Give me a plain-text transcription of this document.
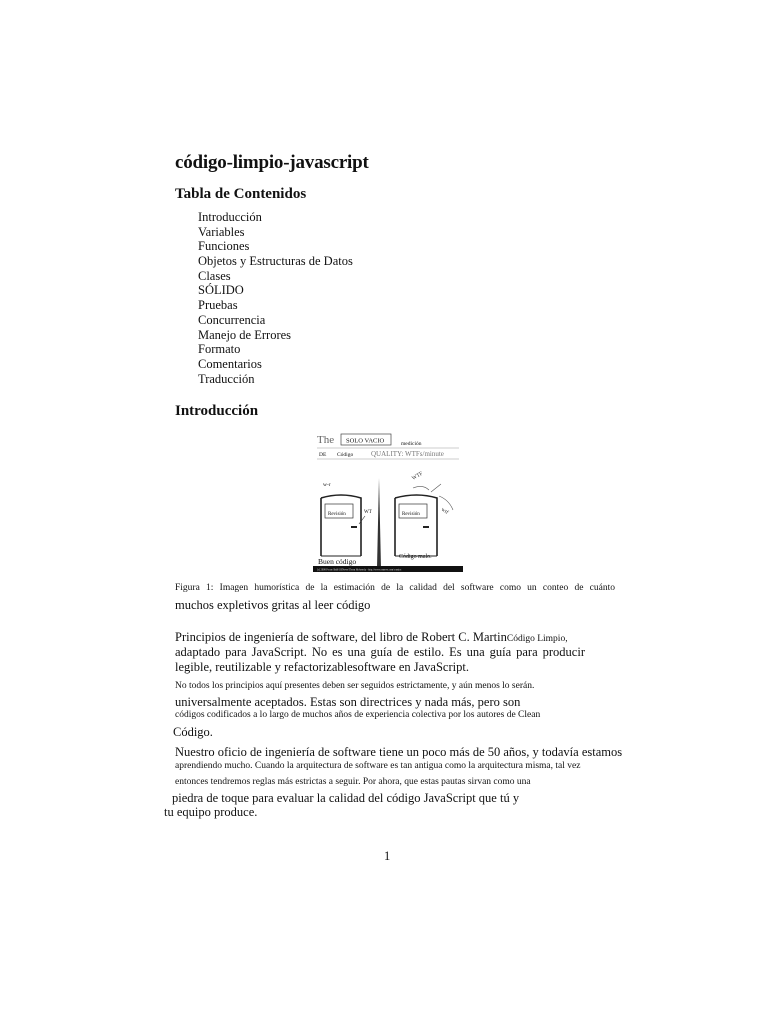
código-limpio-javascript
Tabla de Contenidos
Introducción
Variables
Funciones
Objetos y Estructuras de Datos
Clases
SÓLIDO
Pruebas
Concurrencia
Manejo de Errores
Formato
Comentarios
Traducción
Introducción
The SOLO VACIO	medición
DE Código	QUALITY: WTFs/minute
w-r
Revisión	WT	Revisión
WTF
wtf
Buen código	Código malo.
(c) 2008 Focus Shift/OSNews/Thom Holwerda - http://www.osnews.com/comics
Figura 1: Imagen humorística de la estimación de la calidad del software como un conteo de cuánto
muchos expletivos gritas al leer código
Principios de ingeniería de software, del libro de Robert C. MartinCódigo Limpio,
adaptado para JavaScript. No es una guía de estilo. Es una guía para producir
legible, reutilizable y refactorizablesoftware en JavaScript.
No todos los principios aquí presentes deben ser seguidos estrictamente, y aún menos lo serán.
universalmente aceptados. Estas son directrices y nada más, pero son
códigos codificados a lo largo de muchos años de experiencia colectiva por los autores de Clean
Código.
Nuestro oficio de ingeniería de software tiene un poco más de 50 años, y todavía estamos
aprendiendo mucho. Cuando la arquitectura de software es tan antigua como la arquitectura misma, tal vez
entonces tendremos reglas más estrictas a seguir. Por ahora, que estas pautas sirvan como una
piedra de toque para evaluar la calidad del código JavaScript que tú y
tu equipo produce.
1
